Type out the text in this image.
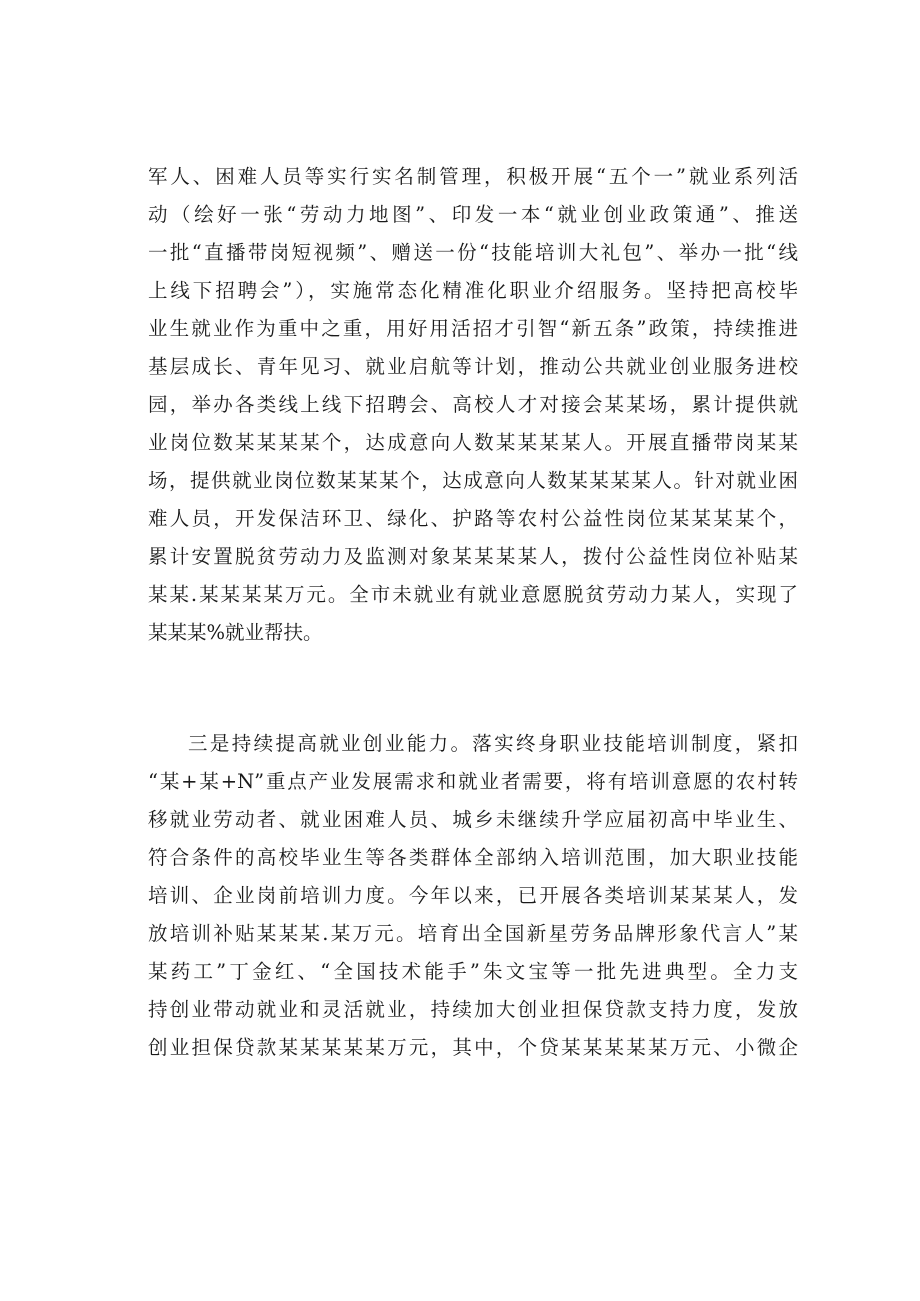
军人、困难人员等实行实名制管理，积极开展“五个一”就业系列活
动（绘好一张“劳动力地图”、印发一本“就业创业政策通”、推送
一批“直播带岗短视频”、赠送一份“技能培训大礼包”、举办一批“线
上线下招聘会”），实施常态化精准化职业介绍服务。坚持把高校毕
业生就业作为重中之重，用好用活招才引智“新五条”政策，持续推进
基层成长、青年见习、就业启航等计划，推动公共就业创业服务进校
园，举办各类线上线下招聘会、高校人才对接会某某场，累计提供就
业岗位数某某某某个，达成意向人数某某某某人。开展直播带岗某某
场，提供就业岗位数某某某个，达成意向人数某某某某人。针对就业困
难人员，开发保洁环卫、绿化、护路等农村公益性岗位某某某某个，
累计安置脱贫劳动力及监测对象某某某某人，拨付公益性岗位补贴某
某某.某某某某万元。全市未就业有就业意愿脱贫劳动力某人，实现了
某某某%就业帮扶。
三是持续提高就业创业能力。落实终身职业技能培训制度，紧扣
“某+某+N”重点产业发展需求和就业者需要，将有培训意愿的农村转
移就业劳动者、就业困难人员、城乡未继续升学应届初高中毕业生、
符合条件的高校毕业生等各类群体全部纳入培训范围，加大职业技能
培训、企业岗前培训力度。今年以来，已开展各类培训某某某人，发
放培训补贴某某某.某万元。培育出全国新星劳务品牌形象代言人”某
某药工”丁金红、“全国技术能手”朱文宝等一批先进典型。全力支
持创业带动就业和灵活就业，持续加大创业担保贷款支持力度，发放
创业担保贷款某某某某某万元，其中，个贷某某某某某万元、小微企
